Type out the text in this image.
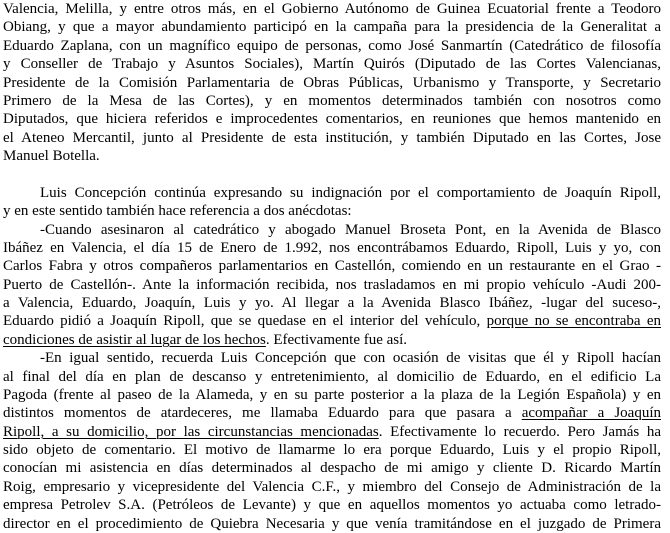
Valencia, Melilla, y entre otros más, en el Gobierno Autónomo de Guinea Ecuatorial frente a Teodoro
Obiang, y que a mayor abundamiento participó en la campaña para la presidencia de la Generalitat a
Eduardo Zaplana, con un magnífico equipo de personas, como José Sanmartín (Catedrático de filosofía
y Conseller de Trabajo y Asuntos Sociales), Martín Quirós (Diputado de las Cortes Valencianas,
Presidente de la Comisión Parlamentaria de Obras Públicas, Urbanismo y Transporte, y Secretario
Primero de la Mesa de las Cortes), y en momentos determinados también con nosotros como
Diputados, que hiciera referidos e improcedentes comentarios, en reuniones que hemos mantenido en
el Ateneo Mercantil, junto al Presidente de esta institución, y también Diputado en las Cortes, Jose
Manuel Botella.
Luis Concepción continúa expresando su indignación por el comportamiento de Joaquín Ripoll,
y en este sentido también hace referencia a dos anécdotas:
-Cuando asesinaron al catedrático y abogado Manuel Broseta Pont, en la Avenida de Blasco
Ibáñez en Valencia, el día 15 de Enero de 1.992, nos encontrábamos Eduardo, Ripoll, Luis y yo, con
Carlos Fabra y otros compañeros parlamentarios en Castellón, comiendo en un restaurante en el Grao -
Puerto de Castellón-. Ante la información recibida, nos trasladamos en mi propio vehículo -Audi 200-
a Valencia, Eduardo, Joaquín, Luis y yo. Al llegar a la Avenida Blasco Ibáñez, -lugar del suceso-,
Eduardo pidió a Joaquín Ripoll, que se quedase en el interior del vehículo, porque no se encontraba en
condiciones de asistir al lugar de los hechos. Efectivamente fue así.
-En igual sentido, recuerda Luis Concepción que con ocasión de visitas que él y Ripoll hacían
al final del día en plan de descanso y entretenimiento, al domicilio de Eduardo, en el edificio La
Pagoda (frente al paseo de la Alameda, y en su parte posterior a la plaza de la Legión Española) y en
distintos momentos de atardeceres, me llamaba Eduardo para que pasara a acompañar a Joaquín
Ripoll, a su domicilio, por las circunstancias mencionadas. Efectivamente lo recuerdo. Pero Jamás ha
sido objeto de comentario. El motivo de llamarme lo era porque Eduardo, Luis y el propio Ripoll,
conocían mi asistencia en días determinados al despacho de mi amigo y cliente D. Ricardo Martín
Roig, empresario y vicepresidente del Valencia C.F., y miembro del Consejo de Administración de la
empresa Petrolev S.A. (Petróleos de Levante) y que en aquellos momentos yo actuaba como letrado-
director en el procedimiento de Quiebra Necesaria y que venía tramitándose en el juzgado de Primera
